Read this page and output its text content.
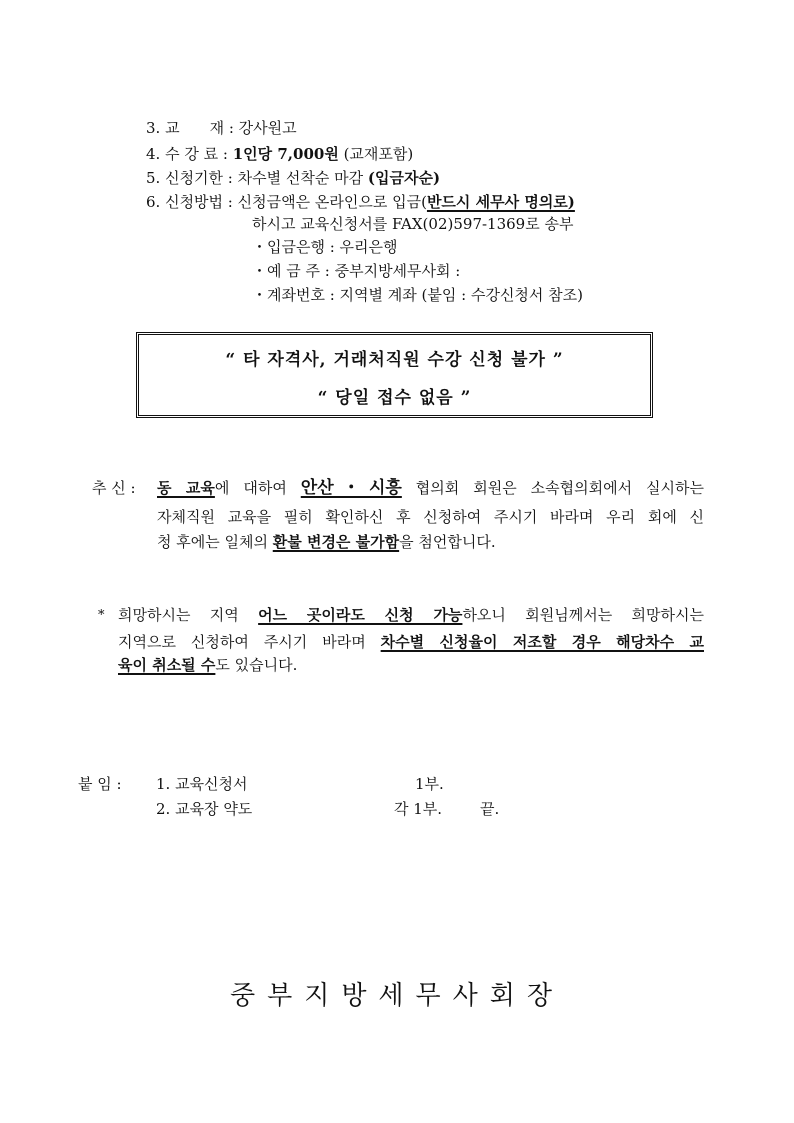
3. 교　　재 : 강사원고
4. 수 강 료 : 1인당 7,000원 (교재포함)
5. 신청기한 : 차수별 선착순 마감 (입금자순)
6. 신청방법 : 신청금액은 온라인으로 입금(반드시 세무사 명의로)
하시고 교육신청서를 FAX(02)597-1369로 송부
・입금은행 : 우리은행
・예 금 주 : 중부지방세무사회 :
・계좌번호 : 지역별 계좌 (붙임 : 수강신청서 참조)
“ 타 자격사, 거래처직원 수강 신청 불가 ”
“ 당일 접수 없음 ”
추 신 : 동 교육에 대하여 안산・시흥 협의회 회원은 소속협의회에서 실시하는
자체직원 교육을 필히 확인하신 후 신청하여 주시기 바라며 우리 회에 신
청 후에는 일체의 환불 변경은 불가함을 첨언합니다.
* 희망하시는 지역 어느 곳이라도 신청 가능하오니 회원님께서는 희망하시는
지역으로 신청하여 주시기 바라며 차수별 신청율이 저조할 경우 해당차수 교
육이 취소될 수도 있습니다.
붙 임 : 1. 교육신청서	1부.
2. 교육장 약도	각 1부.	끝.
중부지방세무사회장
